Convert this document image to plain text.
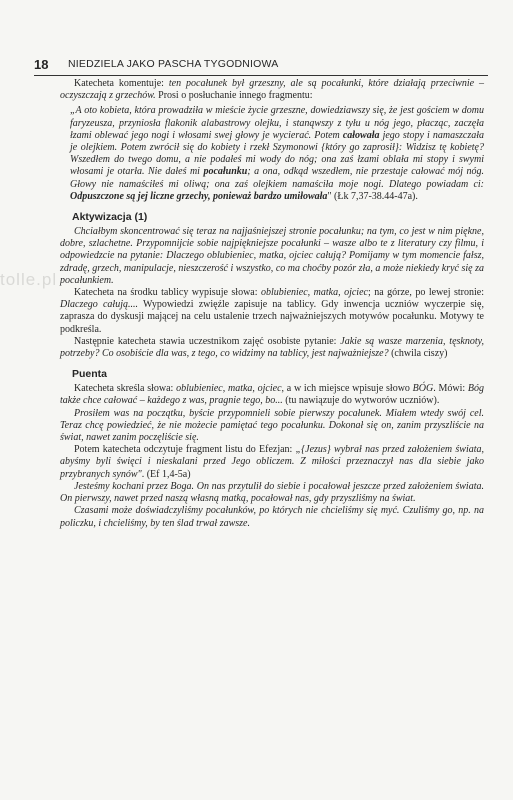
tolle.pl
18 NIEDZIELA JAKO PASCHA TYGODNIOWA

Katecheta komentuje: ten pocałunek był grzeszny, ale są pocałunki, które działają przeciwnie – oczyszczają z grzechów. Prosi o posłuchanie innego fragmentu:

„A oto kobieta, która prowadziła w mieście życie grzeszne, dowiedziawszy się, że jest gościem w domu faryzeusza, przyniosła flakonik alabastrowy olejku, i stanąwszy z tyłu u nóg jego, płacząc, zaczęła łzami oblewać jego nogi i włosami swej głowy je wycierać. Potem całowała jego stopy i namaszczała je olejkiem. Potem zwrócił się do kobiety i rzekł Szymonowi {który go zaprosił}: Widzisz tę kobietę? Wszedłem do twego domu, a nie podałeś mi wody do nóg; ona zaś łzami oblała mi stopy i swymi włosami je otarła. Nie dałeś mi pocałunku; a ona, odkąd wszedłem, nie przestaje całować mój nóg. Głowy nie namaściłeś mi oliwą; ona zaś olejkiem namaściła moje nogi. Dlatego powiadam ci: Odpuszczone są jej liczne grzechy, ponieważ bardzo umiłowała" (Łk 7,37-38.44-47a).

Aktywizacja (1)

Chciałbym skoncentrować się teraz na najjaśniejszej stronie pocałunku; na tym, co jest w nim piękne, dobre, szlachetne. Przypomnijcie sobie najpiękniejsze pocałunki – wasze albo te z literatury czy filmu, i odpowiedzcie na pytanie: Dlaczego oblubieniec, matka, ojciec całują? Pomijamy w tym momencie fałsz, zdradę, grzech, manipulacje, nieszczerość i wszystko, co ma choćby pozór zła, a może niekiedy kryć się za pocałunkiem.

Katecheta na środku tablicy wypisuje słowa: oblubieniec, matka, ojciec; na górze, po lewej stronie: Dlaczego całują.... Wypowiedzi zwięźle zapisuje na tablicy. Gdy inwencja uczniów wyczerpie się, zaprasza do dyskusji mającej na celu ustalenie trzech najważniejszych motywów pocałunku. Motywy te podkreśla.

Następnie katecheta stawia uczestnikom zajęć osobiste pytanie: Jakie są wasze marzenia, tęsknoty, potrzeby? Co osobiście dla was, z tego, co widzimy na tablicy, jest najważniejsze? (chwila ciszy)

Puenta

Katecheta skreśla słowa: oblubieniec, matka, ojciec, a w ich miejsce wpisuje słowo BÓG. Mówi: Bóg także chce całować – każdego z was, pragnie tego, bo... (tu nawiązuje do wytworów uczniów).

Prosiłem was na początku, byście przypomnieli sobie pierwszy pocałunek. Miałem wtedy swój cel. Teraz chcę powiedzieć, że nie możecie pamiętać tego pocałunku. Dokonał się on, zanim przyszliście na świat, nawet zanim poczęliście się.

Potem katecheta odczytuje fragment listu do Efezjan: „{Jezus} wybrał nas przed założeniem świata, abyśmy byli święci i nieskalani przed Jego obliczem. Z miłości przeznaczył nas dla siebie jako przybranych synów". (Ef 1,4-5a)

Jesteśmy kochani przez Boga. On nas przytulił do siebie i pocałował jeszcze przed założeniem świata. On pierwszy, nawet przed naszą własną matką, pocałował nas, gdy przyszliśmy na świat.

Czasami może doświadczyliśmy pocałunków, po których nie chcieliśmy się myć. Czuliśmy go, np. na policzku, i chcieliśmy, by ten ślad trwał zawsze.
